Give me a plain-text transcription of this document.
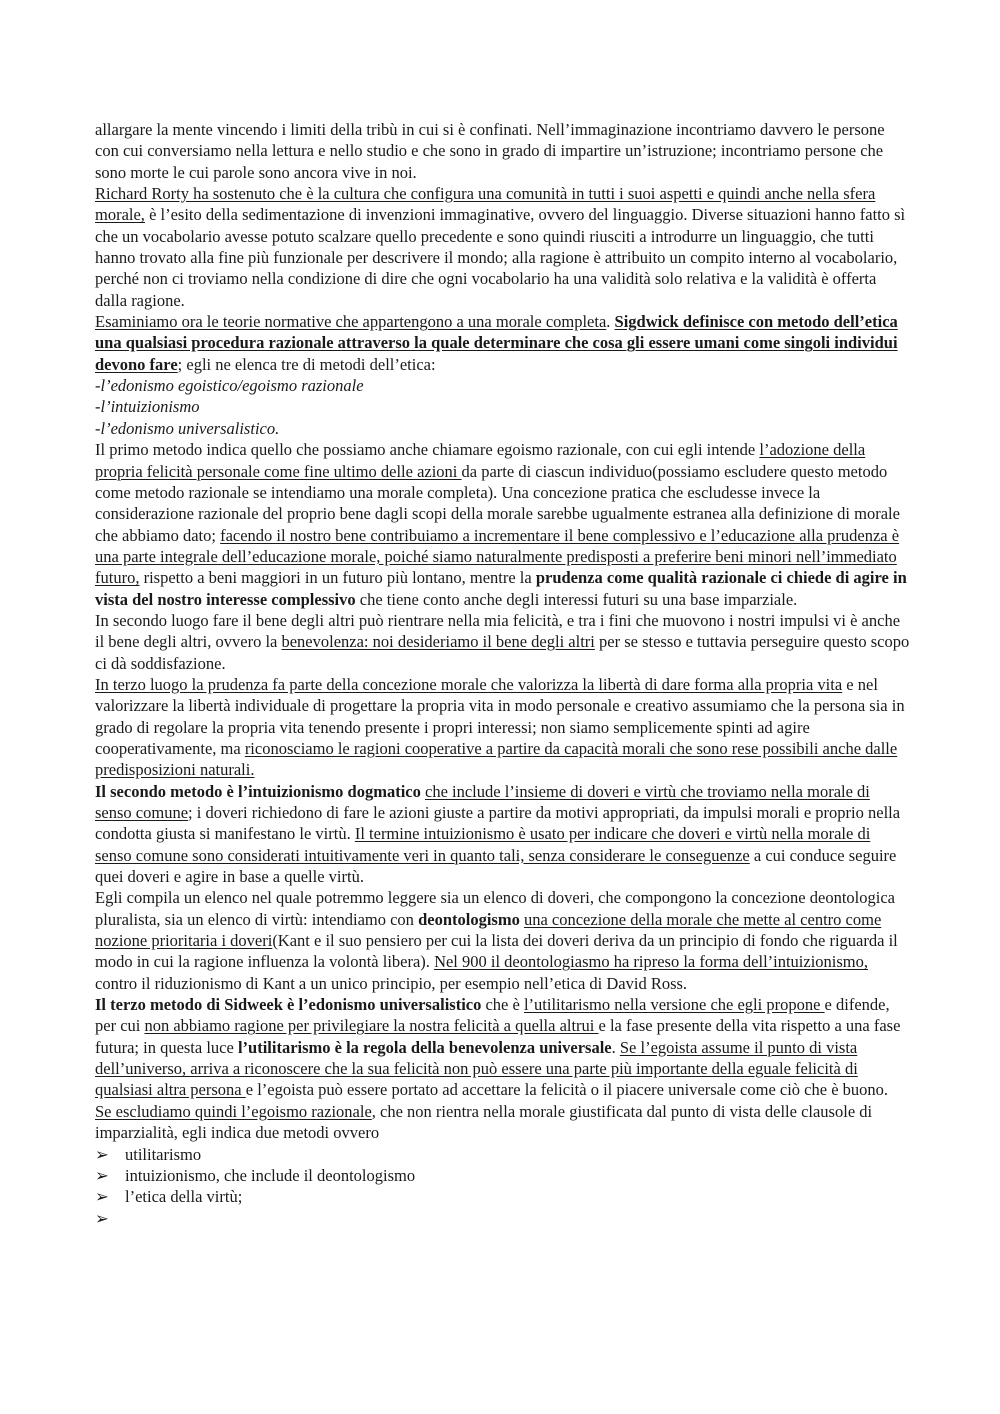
allargare la mente vincendo i limiti della tribù in cui si è confinati. Nell’immaginazione incontriamo davvero le persone con cui conversiamo nella lettura e nello studio e che sono in grado di impartire un’istruzione; incontriamo persone che sono morte le cui parole sono ancora vive in noi.

Richard Rorty ha sostenuto che è la cultura che configura una comunità in tutti i suoi aspetti e quindi anche nella sfera morale, è l’esito della sedimentazione di invenzioni immaginative, ovvero del linguaggio. Diverse situazioni hanno fatto sì che un vocabolario avesse potuto scalzare quello precedente e sono quindi riusciti a introdurre un linguaggio, che tutti hanno trovato alla fine più funzionale per descrivere il mondo; alla ragione è attribuito un compito interno al vocabolario, perché non ci troviamo nella condizione di dire che ogni vocabolario ha una validità solo relativa e la validità è offerta dalla ragione.

Esaminiamo ora le teorie normative che appartengono a una morale completa. Sigdwick definisce con metodo dell’etica una qualsiasi procedura razionale attraverso la quale determinare che cosa gli essere umani come singoli individui devono fare; egli ne elenca tre di metodi dell’etica:

-l’edonismo egoistico/egoismo razionale

-l’intuizionismo

-l’edonismo universalistico.

Il primo metodo indica quello che possiamo anche chiamare egoismo razionale, con cui egli intende l’adozione della propria felicità personale come fine ultimo delle azioni da parte di ciascun individuo(possiamo escludere questo metodo come metodo razionale se intendiamo una morale completa). Una concezione pratica che escludesse invece la considerazione razionale del proprio bene dagli scopi della morale sarebbe ugualmente estranea alla definizione di morale che abbiamo dato; facendo il nostro bene contribuiamo a incrementare il bene complessivo e l’educazione alla prudenza è una parte integrale dell’educazione morale, poiché siamo naturalmente predisposti a preferire beni minori nell’immediato futuro, rispetto a beni maggiori in un futuro più lontano, mentre la prudenza come qualità razionale ci chiede di agire in vista del nostro interesse complessivo che tiene conto anche degli interessi futuri su una base imparziale.

In secondo luogo fare il bene degli altri può rientrare nella mia felicità, e tra i fini che muovono i nostri impulsi vi è anche il bene degli altri, ovvero la benevolenza: noi desideriamo il bene degli altri per se stesso e tuttavia perseguire questo scopo ci dà soddisfazione.

In terzo luogo la prudenza fa parte della concezione morale che valorizza la libertà di dare forma alla propria vita e nel valorizzare la libertà individuale di progettare la propria vita in modo personale e creativo assumiamo che la persona sia in grado di regolare la propria vita tenendo presente i propri interessi; non siamo semplicemente spinti ad agire cooperativamente, ma riconosciamo le ragioni cooperative a partire da capacità morali che sono rese possibili anche dalle predisposizioni naturali.

Il secondo metodo è l’intuizionismo dogmatico che include l’insieme di doveri e virtù che troviamo nella morale di senso comune; i doveri richiedono di fare le azioni giuste a partire da motivi appropriati, da impulsi morali e proprio nella condotta giusta si manifestano le virtù. Il termine intuizionismo è usato per indicare che doveri e virtù nella morale di senso comune sono considerati intuitivamente veri in quanto tali, senza considerare le conseguenze a cui conduce seguire quei doveri e agire in base a quelle virtù.

Egli compila un elenco nel quale potremmo leggere sia un elenco di doveri, che compongono la concezione deontologica pluralista, sia un elenco di virtù: intendiamo con deontologismo una concezione della morale che mette al centro come nozione prioritaria i doveri(Kant e il suo pensiero per cui la lista dei doveri deriva da un principio di fondo che riguarda il modo in cui la ragione influenza la volontà libera). Nel 900 il deontologiasmo ha ripreso la forma dell’intuizionismo, contro il riduzionismo di Kant a un unico principio, per esempio nell’etica di David Ross.

Il terzo metodo di Sidweek è l’edonismo universalistico che è l’utilitarismo nella versione che egli propone e difende, per cui non abbiamo ragione per privilegiare la nostra felicità a quella altrui e la fase presente della vita rispetto a una fase futura; in questa luce l’utilitarismo è la regola della benevolenza universale. Se l’egoista assume il punto di vista dell’universo, arriva a riconoscere che la sua felicità non può essere una parte più importante della eguale felicità di qualsiasi altra persona e l’egoista può essere portato ad accettare la felicità o il piacere universale come ciò che è buono.

Se escludiamo quindi l’egoismo razionale, che non rientra nella morale giustificata dal punto di vista delle clausole di imparzialità, egli indica due metodi ovvero

➢ utilitarismo

➢ intuizionismo, che include il deontologismo

➢ l’etica della virtù;

➢
